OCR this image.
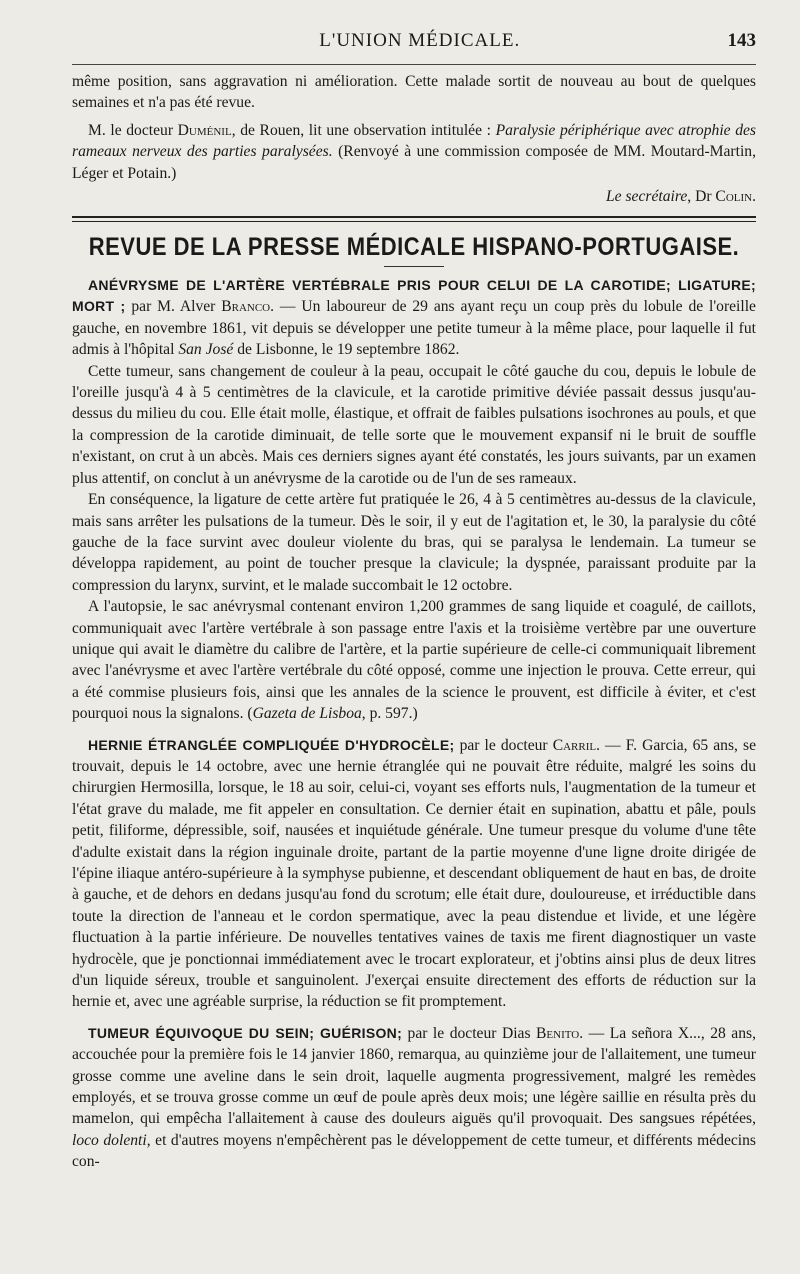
L'UNION MÉDICALE.	143

même position, sans aggravation ni amélioration. Cette malade sortit de nouveau au bout de quelques semaines et n'a pas été revue.

M. le docteur Duménil, de Rouen, lit une observation intitulée : Paralysie périphérique avec atrophie des rameaux nerveux des parties paralysées. (Renvoyé à une commission composée de MM. Moutard-Martin, Léger et Potain.)

Le secrétaire, Dr Colin.
REVUE DE LA PRESSE MÉDICALE HISPANO-PORTUGAISE.

ANÉVRYSME DE L'ARTÈRE VERTÉBRALE PRIS POUR CELUI DE LA CAROTIDE; LIGATURE; MORT ; par M. Alver Branco. — Un laboureur de 29 ans ayant reçu un coup près du lobule de l'oreille gauche, en novembre 1861, vit depuis se développer une petite tumeur à la même place, pour laquelle il fut admis à l'hôpital San José de Lisbonne, le 19 septembre 1862.

Cette tumeur, sans changement de couleur à la peau, occupait le côté gauche du cou, depuis le lobule de l'oreille jusqu'à 4 à 5 centimètres de la clavicule, et la carotide primitive déviée passait dessus jusqu'au-dessus du milieu du cou. Elle était molle, élastique, et offrait de faibles pulsations isochrones au pouls, et que la compression de la carotide diminuait, de telle sorte que le mouvement expansif ni le bruit de souffle n'existant, on crut à un abcès. Mais ces derniers signes ayant été constatés, les jours suivants, par un examen plus attentif, on conclut à un anévrysme de la carotide ou de l'un de ses rameaux.

En conséquence, la ligature de cette artère fut pratiquée le 26, 4 à 5 centimètres au-dessus de la clavicule, mais sans arrêter les pulsations de la tumeur. Dès le soir, il y eut de l'agitation et, le 30, la paralysie du côté gauche de la face survint avec douleur violente du bras, qui se paralysa le lendemain. La tumeur se développa rapidement, au point de toucher presque la clavicule; la dyspnée, paraissant produite par la compression du larynx, survint, et le malade succombait le 12 octobre.

A l'autopsie, le sac anévrysmal contenant environ 1,200 grammes de sang liquide et coagulé, de caillots, communiquait avec l'artère vertébrale à son passage entre l'axis et la troisième vertèbre par une ouverture unique qui avait le diamètre du calibre de l'artère, et la partie supérieure de celle-ci communiquait librement avec l'anévrysme et avec l'artère vertébrale du côté opposé, comme une injection le prouva. Cette erreur, qui a été commise plusieurs fois, ainsi que les annales de la science le prouvent, est difficile à éviter, et c'est pourquoi nous la signalons. (Gazeta de Lisboa, p. 597.)

HERNIE ÉTRANGLÉE COMPLIQUÉE D'HYDROCÈLE; par le docteur Carril. — F. Garcia, 65 ans, se trouvait, depuis le 14 octobre, avec une hernie étranglée qui ne pouvait être réduite, malgré les soins du chirurgien Hermosilla, lorsque, le 18 au soir, celui-ci, voyant ses efforts nuls, l'augmentation de la tumeur et l'état grave du malade, me fit appeler en consultation. Ce dernier était en supination, abattu et pâle, pouls petit, filiforme, dépressible, soif, nausées et inquiétude générale. Une tumeur presque du volume d'une tête d'adulte existait dans la région inguinale droite, partant de la partie moyenne d'une ligne droite dirigée de l'épine iliaque antéro-supérieure à la symphyse pubienne, et descendant obliquement de haut en bas, de droite à gauche, et de dehors en dedans jusqu'au fond du scrotum; elle était dure, douloureuse, et irréductible dans toute la direction de l'anneau et le cordon spermatique, avec la peau distendue et livide, et une légère fluctuation à la partie inférieure. De nouvelles tentatives vaines de taxis me firent diagnostiquer un vaste hydrocèle, que je ponctionnai immédiatement avec le trocart explorateur, et j'obtins ainsi plus de deux litres d'un liquide séreux, trouble et sanguinolent. J'exerçai ensuite directement des efforts de réduction sur la hernie et, avec une agréable surprise, la réduction se fit promptement.

TUMEUR ÉQUIVOQUE DU SEIN; GUÉRISON; par le docteur Dias Benito. — La señora X..., 28 ans, accouchée pour la première fois le 14 janvier 1860, remarqua, au quinzième jour de l'allaitement, une tumeur grosse comme une aveline dans le sein droit, laquelle augmenta progressivement, malgré les remèdes employés, et se trouva grosse comme un œuf de poule après deux mois; une légère saillie en résulta près du mamelon, qui empêcha l'allaitement à cause des douleurs aiguës qu'il provoquait. Des sangsues répétées, loco dolenti, et d'autres moyens n'empêchèrent pas le développement de cette tumeur, et différents médecins con-
